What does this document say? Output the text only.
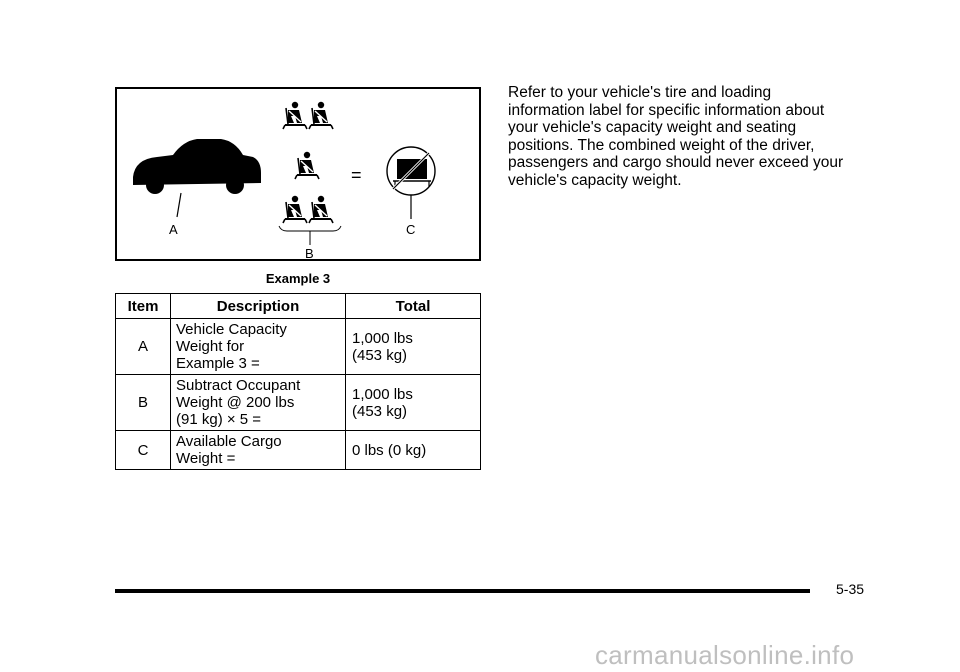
A
–
B
=
C
Example 3
Item	Description	Total
A	Vehicle Capacity
Weight for
Example 3 =	1,000 lbs
(453 kg)

B	Subtract Occupant
Weight @ 200 lbs
(91 kg) × 5 =	1,000 lbs
(453 kg)

C	Available Cargo
Weight =	0 lbs (0 kg)
Refer to your vehicle's tire and loading
information label for specific information about
your vehicle's capacity weight and seating
positions. The combined weight of the driver,
passengers and cargo should never exceed your
vehicle's capacity weight.
5-35
carmanualsonline.info
